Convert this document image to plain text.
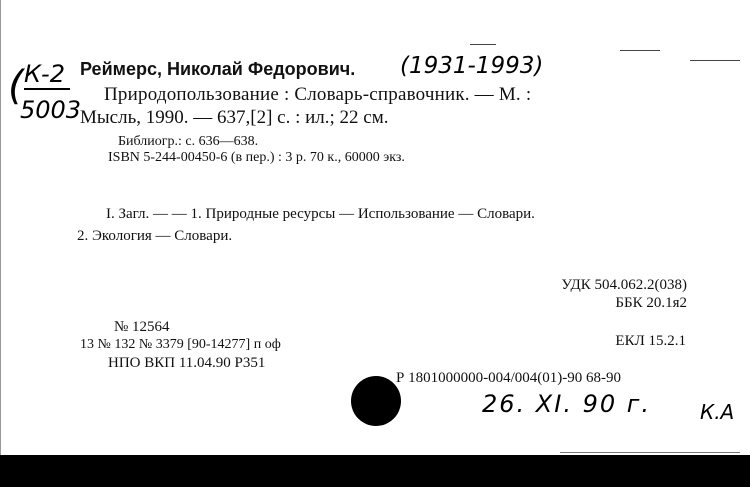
К-2
5003
(	Реймерс, Николай Федорович. (1931-1993)
Природопользование : Словарь-справочник. — М. :
Мысль, 1990. — 637,[2] с. : ил.; 22 см.
Библиогр.: с. 636—638.
ISBN 5-244-00450-6 (в пер.) : 3 р. 70 к., 60000 экз.
I. Загл. — — 1. Природные ресурсы — Использование — Словари.
2. Экология — Словари.
УДК 504.062.2(038)
ББК 20.1я2
ЕКЛ 15.2.1
№ 12564
13 № 132 № 3379 [90-14277] п оф
НПО ВКП 11.04.90 Р351
Р 1801000000-004/004(01)-90 68-90
26. XI. 90 г. К.А
